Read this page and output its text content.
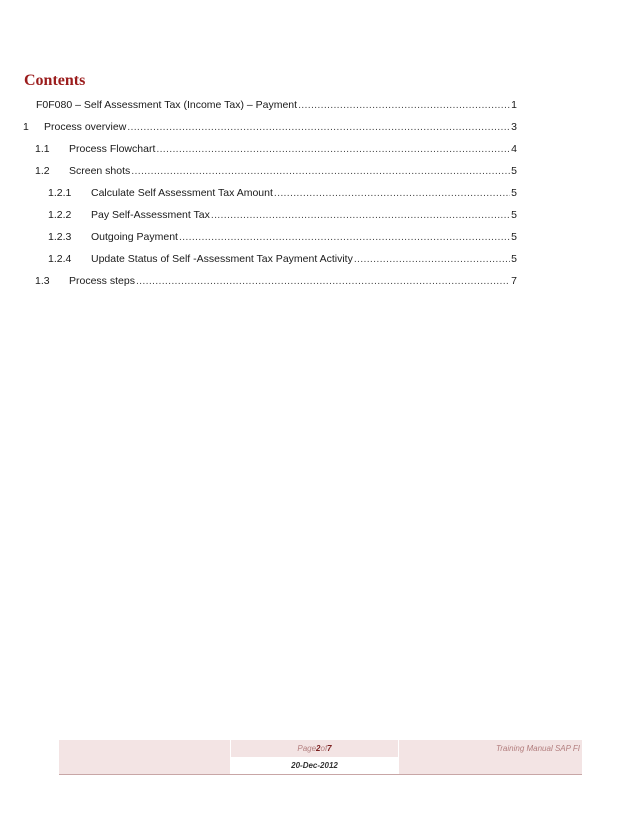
Contents
F0F080 – Self Assessment Tax (Income Tax) – Payment .....	1
1	Process overview .....	3
1.1	Process Flowchart .....	4
1.2	Screen shots .....	5
1.2.1	Calculate Self Assessment Tax Amount .....	5
1.2.2	Pay Self-Assessment Tax .....	5
1.2.3	Outgoing Payment .....	5
1.2.4	Update Status of Self -Assessment Tax Payment Activity .....	5
1.3	Process steps .....	7
Page 2 of 7	Training Manual SAP FI
20-Dec-2012
